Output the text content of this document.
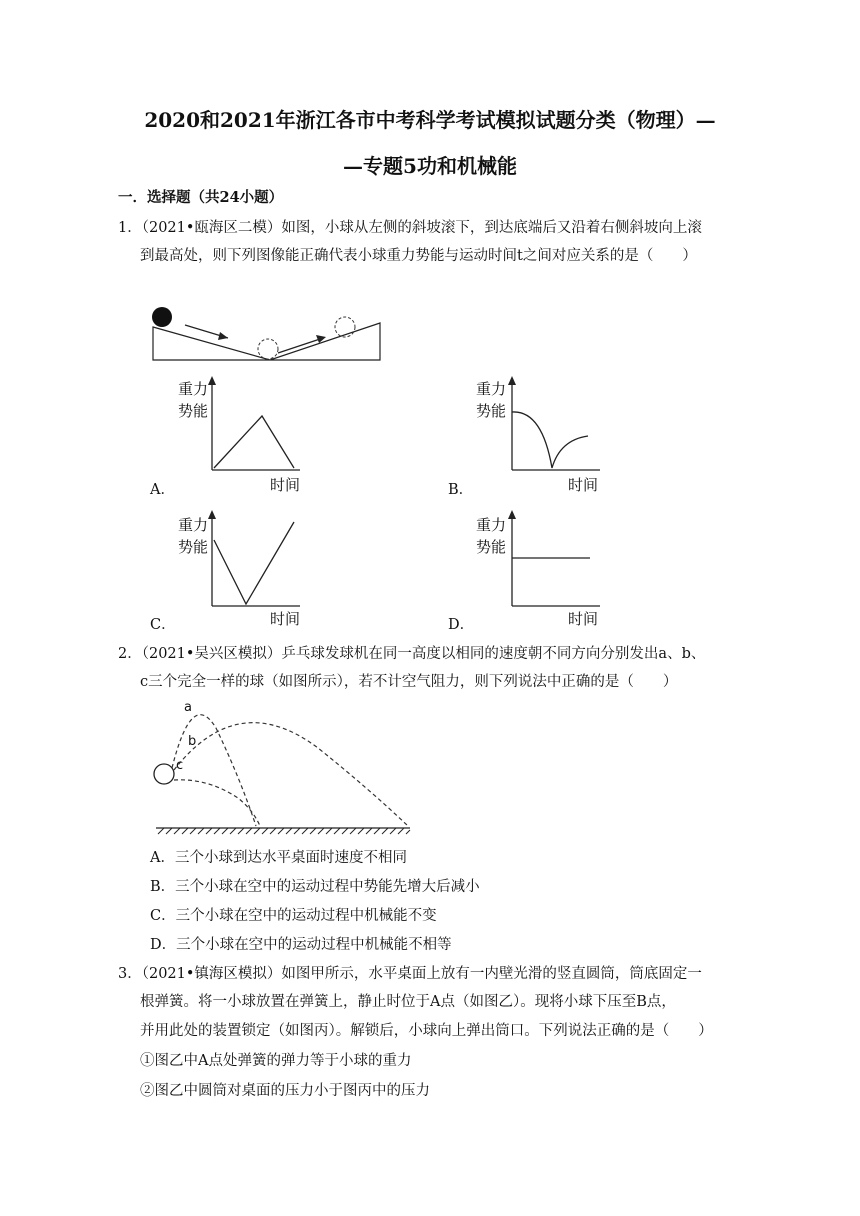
2020和2021年浙江各市中考科学考试模拟试题分类（物理）—
—专题5功和机械能
一．选择题（共24小题）
1．（2021•瓯海区二模）如图，小球从左侧的斜坡滚下，到达底端后又沿着右侧斜坡向上滚
到最高处，则下列图像能正确代表小球重力势能与运动时间t之间对应关系的是（　　）
重力
势能
时间
A．
重力
势能
时间
B．
重力
势能
时间
C．
重力
势能
时间
D．
2．（2021•吴兴区模拟）乒乓球发球机在同一高度以相同的速度朝不同方向分别发出a、b、
c三个完全一样的球（如图所示），若不计空气阻力，则下列说法中正确的是（　　）
a
b
c
A．三个小球到达水平桌面时速度不相同
B．三个小球在空中的运动过程中势能先增大后减小
C．三个小球在空中的运动过程中机械能不变
D．三个小球在空中的运动过程中机械能不相等
3．（2021•镇海区模拟）如图甲所示，水平桌面上放有一内壁光滑的竖直圆筒，筒底固定一
根弹簧。将一小球放置在弹簧上，静止时位于A点（如图乙）。现将小球下压至B点，
并用此处的装置锁定（如图丙）。解锁后，小球向上弹出筒口。下列说法正确的是（　　）
①图乙中A点处弹簧的弹力等于小球的重力
②图乙中圆筒对桌面的压力小于图丙中的压力
